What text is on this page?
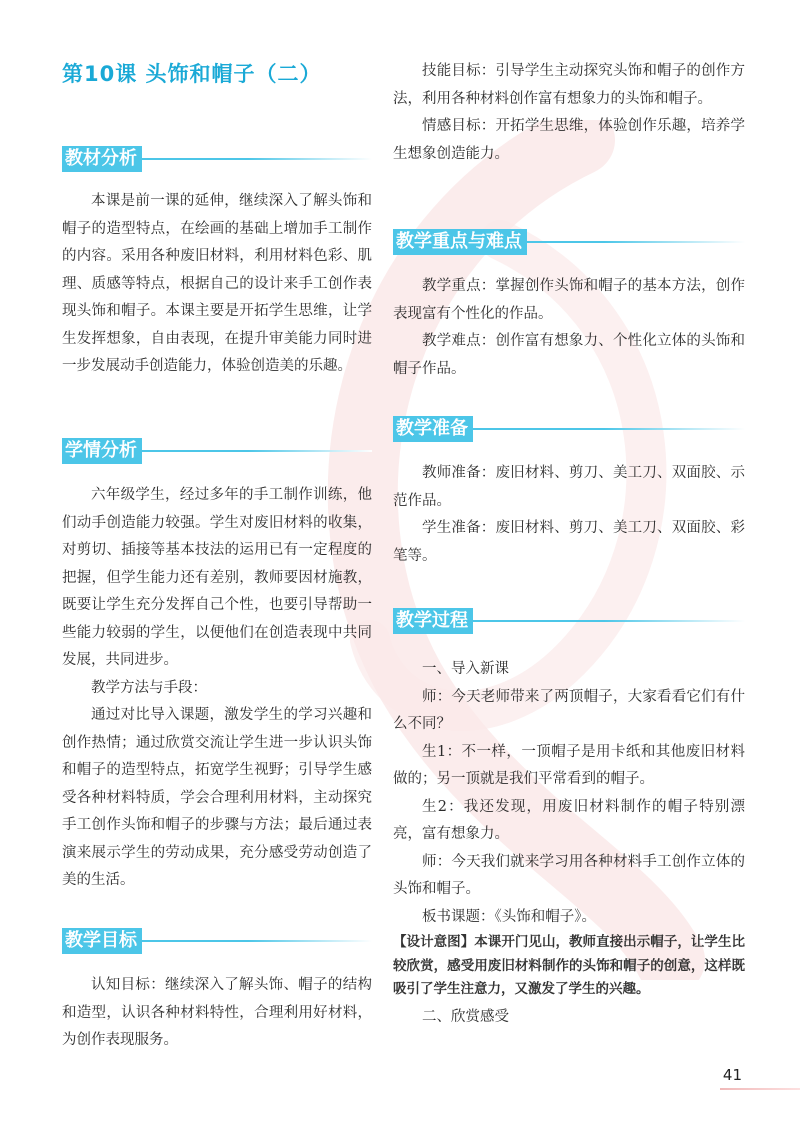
第10课 头饰和帽子（二）
教材分析

本课是前一课的延伸，继续深入了解头饰和帽子的造型特点，在绘画的基础上增加手工制作的内容。采用各种废旧材料，利用材料色彩、肌理、质感等特点，根据自己的设计来手工创作表现头饰和帽子。本课主要是开拓学生思维，让学生发挥想象，自由表现，在提升审美能力同时进一步发展动手创造能力，体验创造美的乐趣。

学情分析

六年级学生，经过多年的手工制作训练，他们动手创造能力较强。学生对废旧材料的收集，对剪切、插接等基本技法的运用已有一定程度的把握，但学生能力还有差别，教师要因材施教，既要让学生充分发挥自己个性，也要引导帮助一些能力较弱的学生，以便他们在创造表现中共同发展，共同进步。

教学方法与手段：

通过对比导入课题，激发学生的学习兴趣和创作热情；通过欣赏交流让学生进一步认识头饰和帽子的造型特点，拓宽学生视野；引导学生感受各种材料特质，学会合理利用材料，主动探究手工创作头饰和帽子的步骤与方法；最后通过表演来展示学生的劳动成果，充分感受劳动创造了美的生活。

教学目标

认知目标：继续深入了解头饰、帽子的结构和造型，认识各种材料特性，合理利用好材料，为创作表现服务。

技能目标：引导学生主动探究头饰和帽子的创作方法，利用各种材料创作富有想象力的头饰和帽子。

情感目标：开拓学生思维，体验创作乐趣，培养学生想象创造能力。

教学重点与难点

教学重点：掌握创作头饰和帽子的基本方法，创作表现富有个性化的作品。

教学难点：创作富有想象力、个性化立体的头饰和帽子作品。

教学准备

教师准备：废旧材料、剪刀、美工刀、双面胶、示范作品。

学生准备：废旧材料、剪刀、美工刀、双面胶、彩笔等。

教学过程

一、导入新课

师：今天老师带来了两顶帽子，大家看看它们有什么不同？

生1：不一样，一顶帽子是用卡纸和其他废旧材料做的；另一顶就是我们平常看到的帽子。

生2：我还发现，用废旧材料制作的帽子特别漂亮，富有想象力。

师：今天我们就来学习用各种材料手工创作立体的头饰和帽子。

板书课题：《头饰和帽子》。

【设计意图】本课开门见山，教师直接出示帽子，让学生比较欣赏，感受用废旧材料制作的头饰和帽子的创意，这样既吸引了学生注意力，又激发了学生的兴趣。

二、欣赏感受

41
